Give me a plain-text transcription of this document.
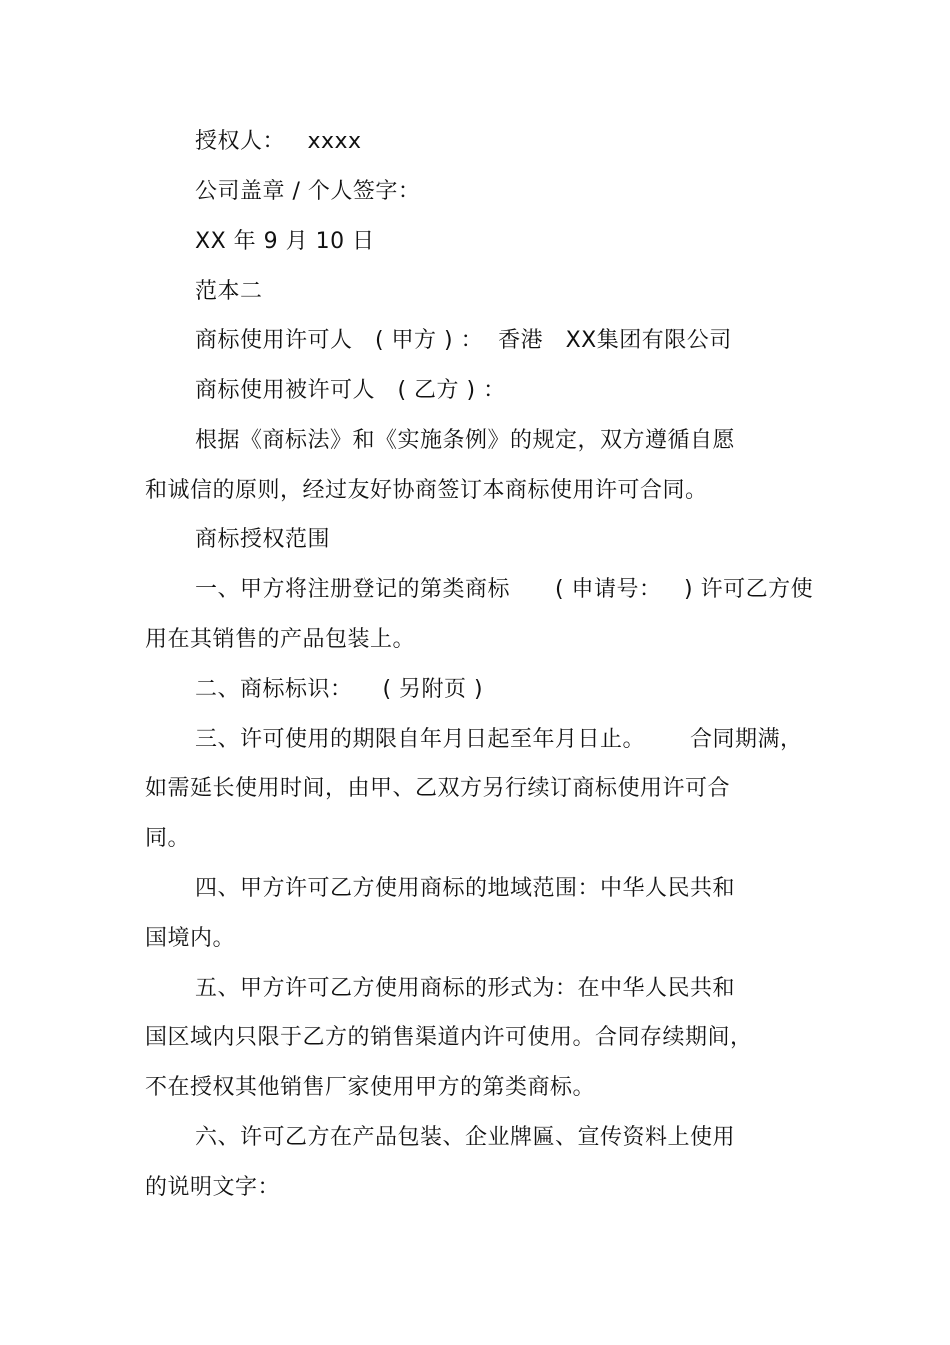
授权人：   xxxx
公司盖章 / 个人签字：
XX 年 9 月 10 日
范本二
商标使用许可人   ( 甲方 ) ：  香港   XX集团有限公司
商标使用被许可人   ( 乙方 ) ：
根据《商标法》和《实施条例》的规定，双方遵循自愿
和诚信的原则，经过友好协商签订本商标使用许可合同。
商标授权范围
一、甲方将注册登记的第类商标      ( 申请号：   ) 许可乙方使
用在其销售的产品包装上。
二、商标标识：    ( 另附页 )
三、许可使用的期限自年月日起至年月日止。      合同期满，
如需延长使用时间，由甲、乙双方另行续订商标使用许可合
同。
四、甲方许可乙方使用商标的地域范围：中华人民共和
国境内。
五、甲方许可乙方使用商标的形式为：在中华人民共和
国区域内只限于乙方的销售渠道内许可使用。合同存续期间，
不在授权其他销售厂家使用甲方的第类商标。
六、许可乙方在产品包装、企业牌匾、宣传资料上使用
的说明文字：
